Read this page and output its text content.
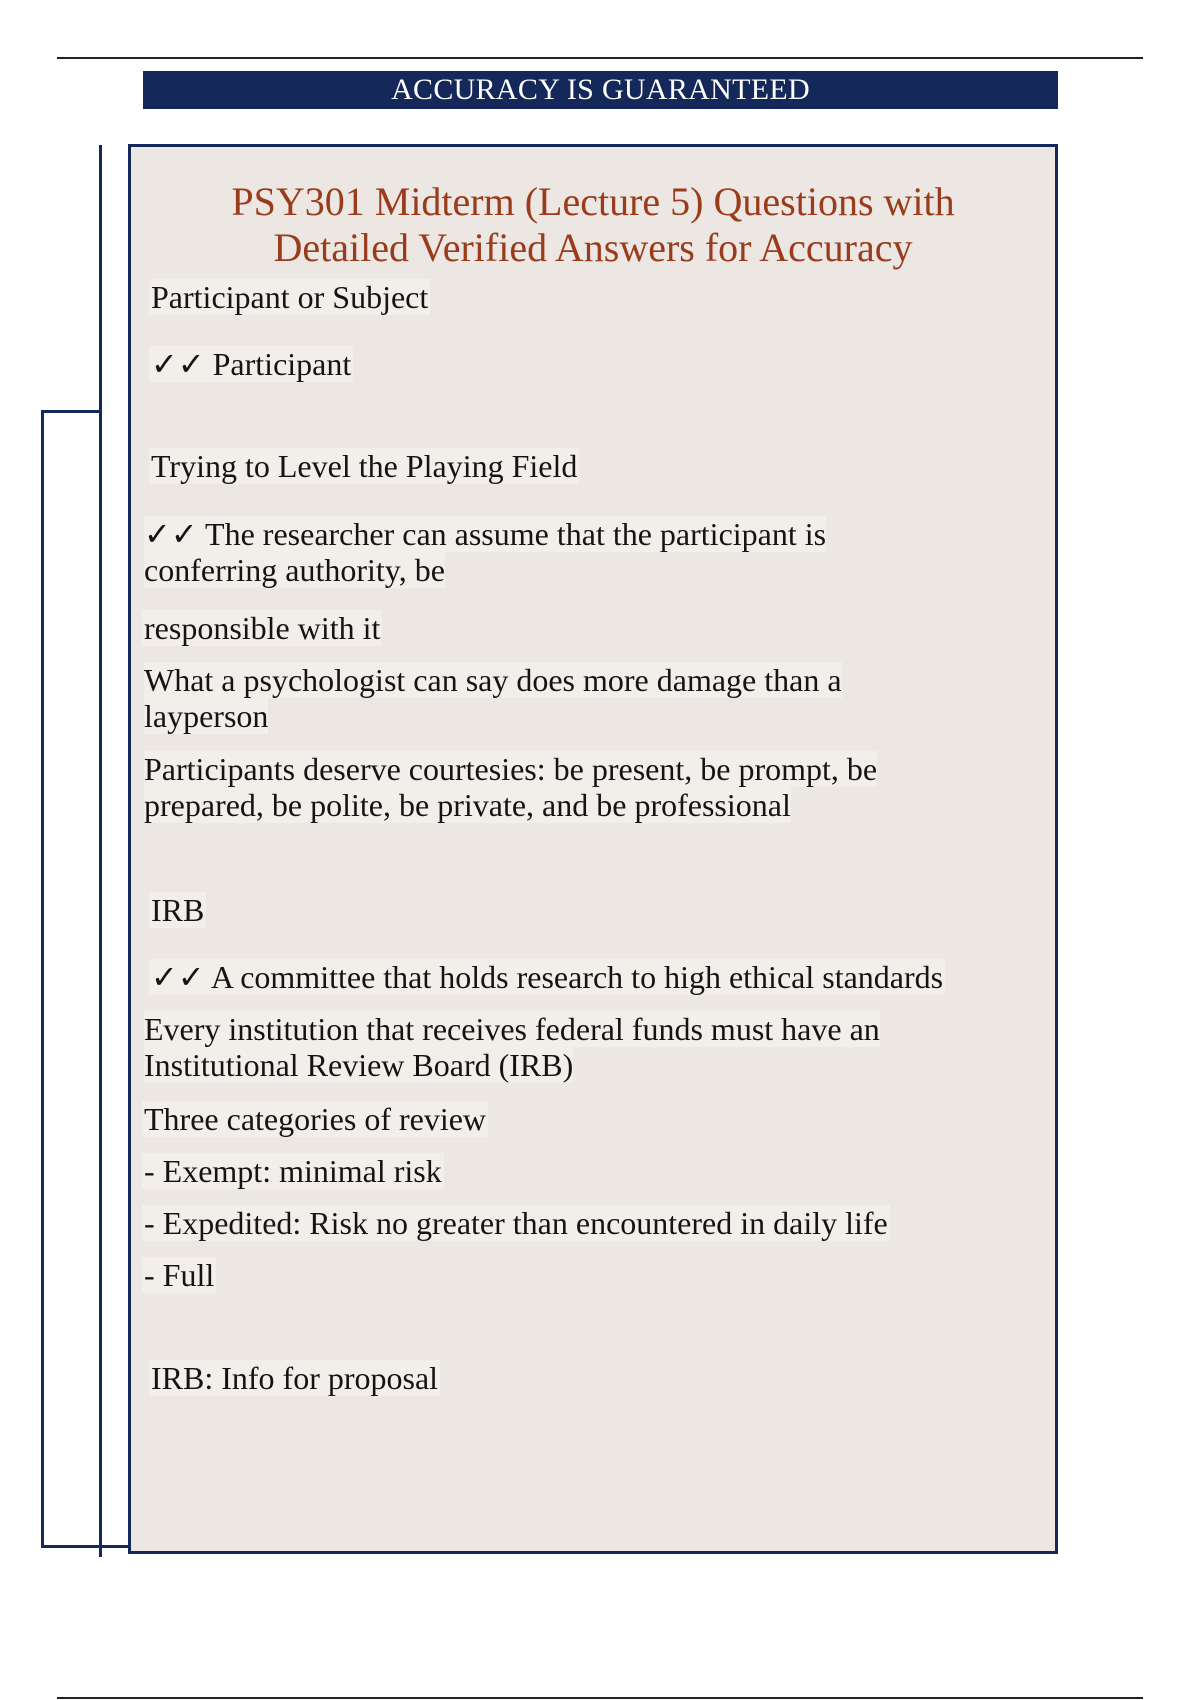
ACCURACY IS GUARANTEED
PSY301 Midterm (Lecture 5) Questions with
Detailed Verified Answers for Accuracy
Participant or Subject
✓✓ Participant
Trying to Level the Playing Field
✓✓ The researcher can assume that the participant is conferring authority, be
responsible with it
What a psychologist can say does more damage than a layperson
Participants deserve courtesies: be present, be prompt, be prepared, be polite, be private, and be professional
IRB
✓✓ A committee that holds research to high ethical standards
Every institution that receives federal funds must have an Institutional Review Board (IRB)
Three categories of review
- Exempt: minimal risk
- Expedited: Risk no greater than encountered in daily life
- Full
IRB: Info for proposal
